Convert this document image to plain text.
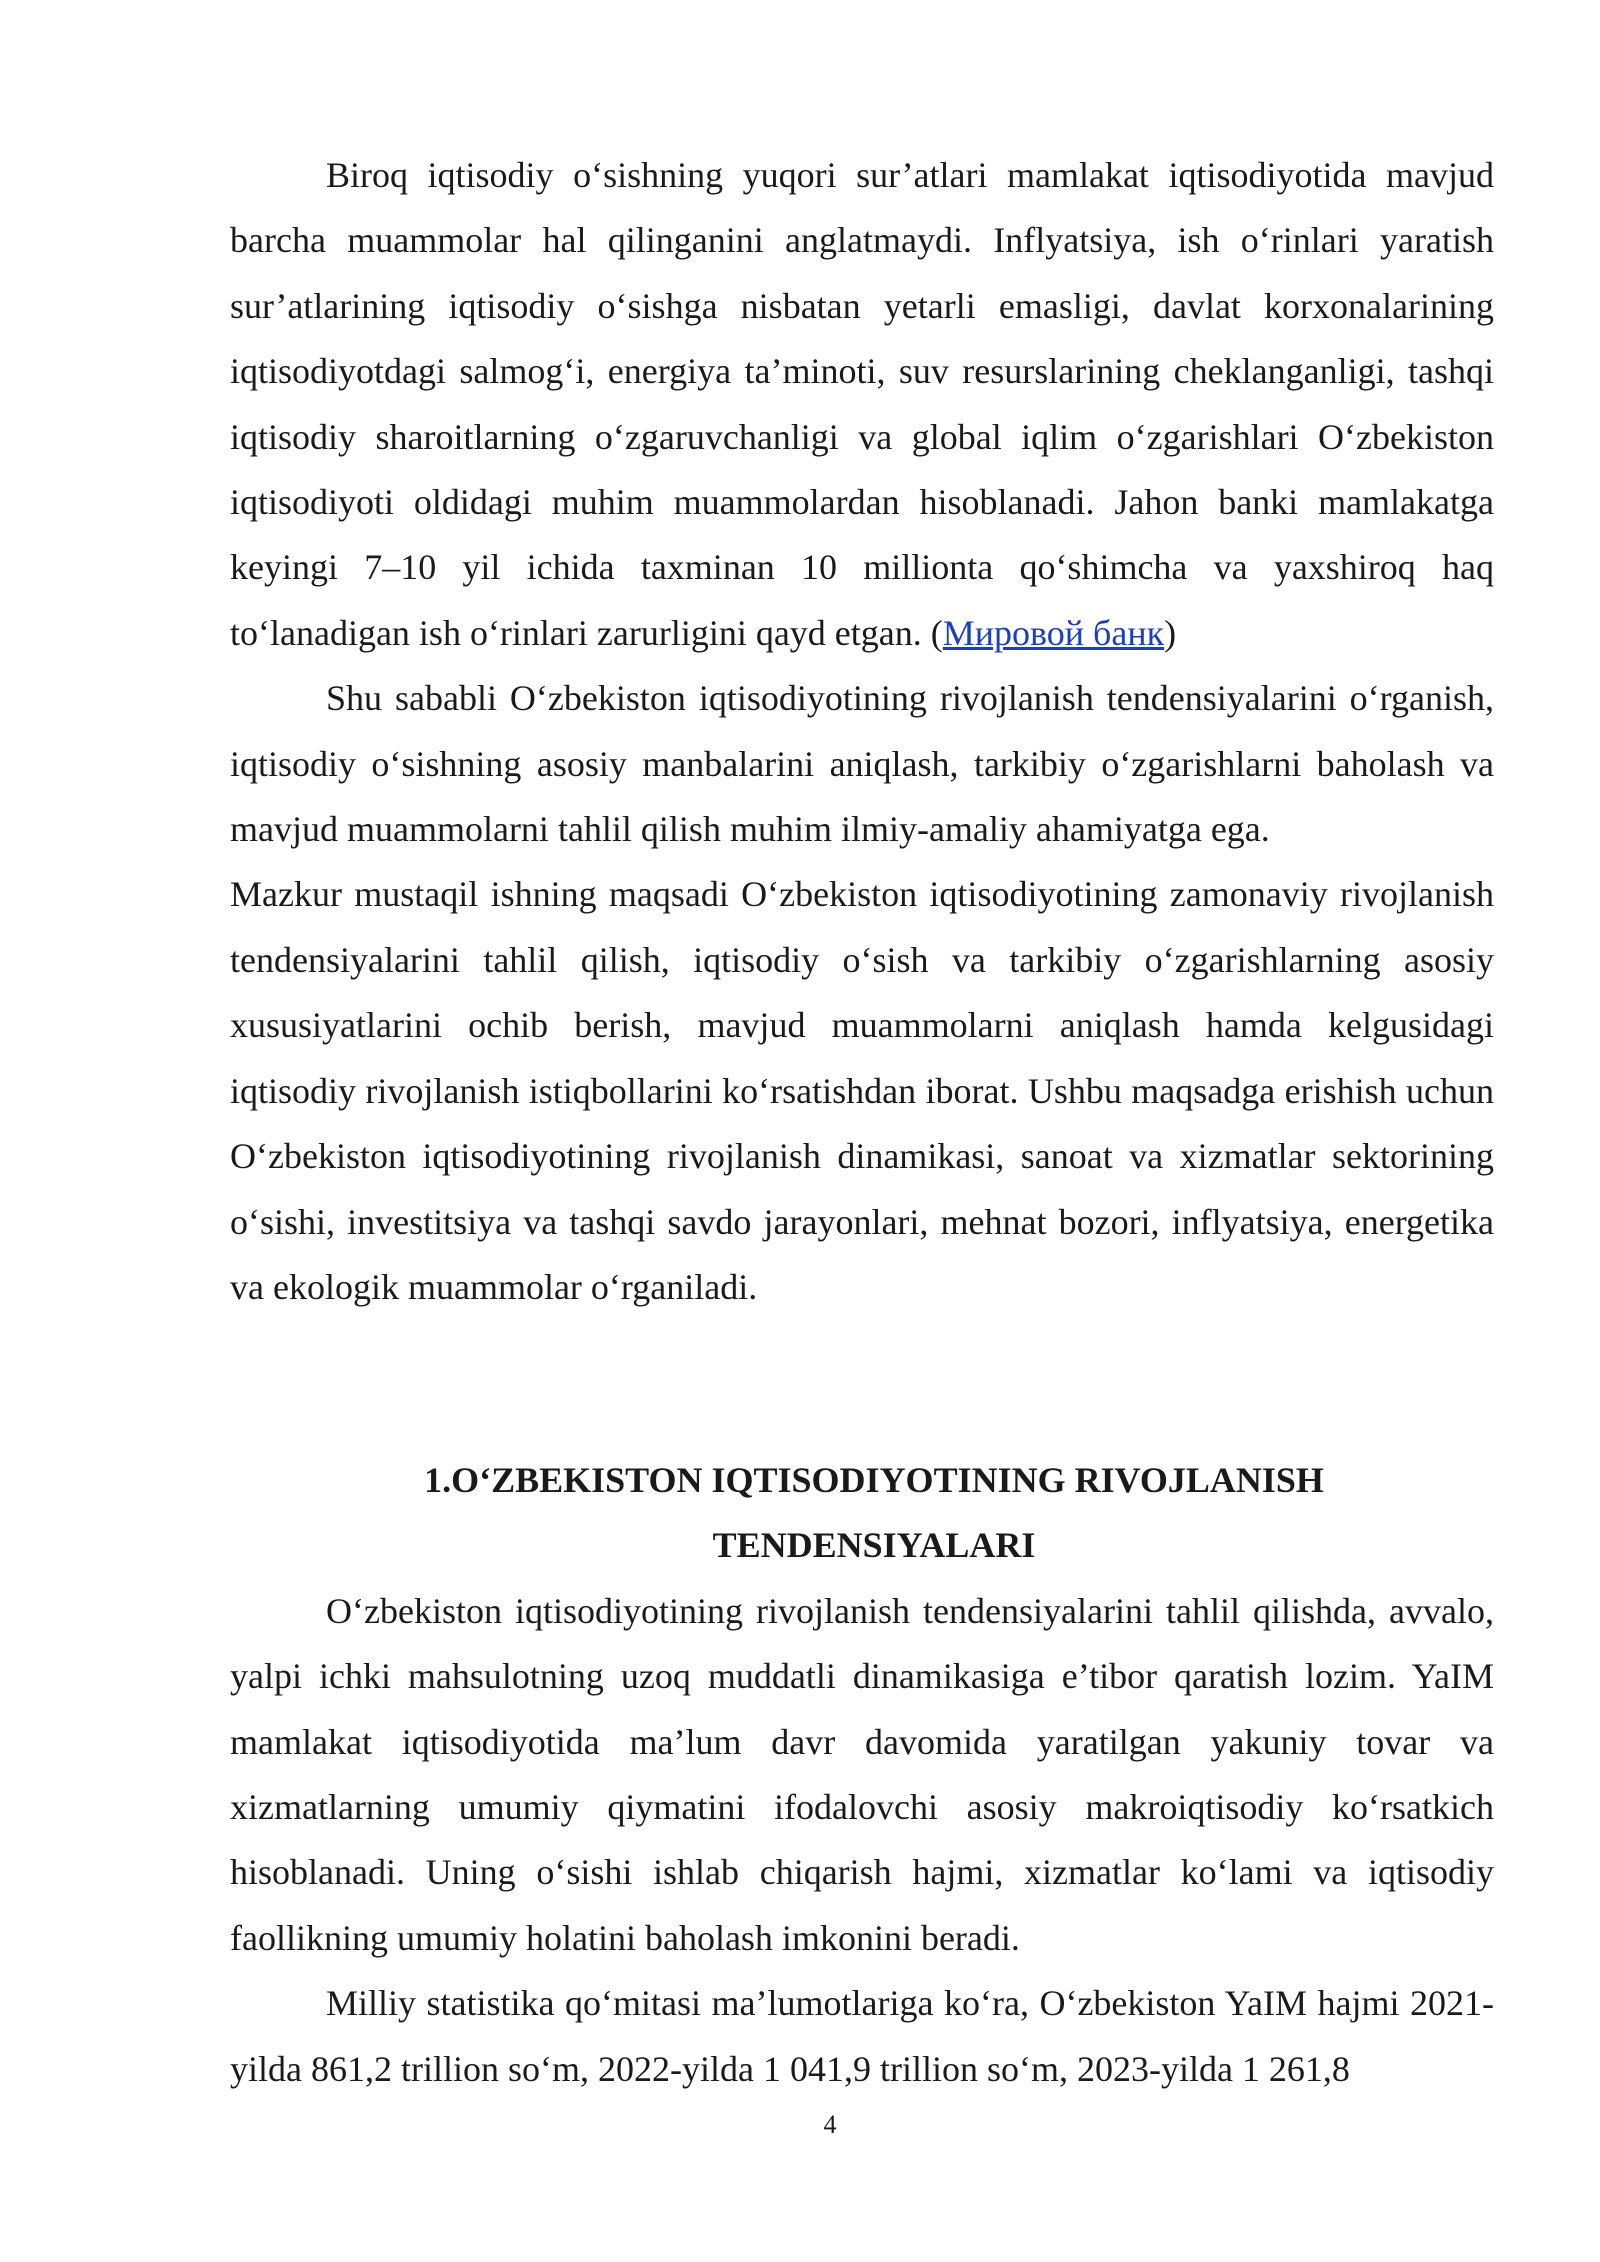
Biroq iqtisodiy o‘sishning yuqori sur’atlari mamlakat iqtisodiyotida mavjud barcha muammolar hal qilinganini anglatmaydi. Inflyatsiya, ish o‘rinlari yaratish sur’atlarining iqtisodiy o‘sishga nisbatan yetarli emasligi, davlat korxonalarining iqtisodiyotdagi salmog‘i, energiya ta’minoti, suv resurslarining cheklanganligi, tashqi iqtisodiy sharoitlarning o‘zgaruvchanligi va global iqlim o‘zgarishlari O‘zbekiston iqtisodiyoti oldidagi muhim muammolardan hisoblanadi. Jahon banki mamlakatga keyingi 7–10 yil ichida taxminan 10 millionta qo‘shimcha va yaxshiroq haq to‘lanadigan ish o‘rinlari zarurligini qayd etgan. (Мировой банк)

Shu sababli O‘zbekiston iqtisodiyotining rivojlanish tendensiyalarini o‘rganish, iqtisodiy o‘sishning asosiy manbalarini aniqlash, tarkibiy o‘zgarishlarni baholash va mavjud muammolarni tahlil qilish muhim ilmiy-amaliy ahamiyatga ega.

Mazkur mustaqil ishning maqsadi O‘zbekiston iqtisodiyotining zamonaviy rivojlanish tendensiyalarini tahlil qilish, iqtisodiy o‘sish va tarkibiy o‘zgarishlarning asosiy xususiyatlarini ochib berish, mavjud muammolarni aniqlash hamda kelgusidagi iqtisodiy rivojlanish istiqbollarini ko‘rsatishdan iborat. Ushbu maqsadga erishish uchun O‘zbekiston iqtisodiyotining rivojlanish dinamikasi, sanoat va xizmatlar sektorining o‘sishi, investitsiya va tashqi savdo jarayonlari, mehnat bozori, inflyatsiya, energetika va ekologik muammolar o‘rganiladi.

1.O‘ZBEKISTON IQTISODIYOTINING RIVOJLANISH

TENDENSIYALARI

O‘zbekiston iqtisodiyotining rivojlanish tendensiyalarini tahlil qilishda, avvalo, yalpi ichki mahsulotning uzoq muddatli dinamikasiga e’tibor qaratish lozim. YaIM mamlakat iqtisodiyotida ma’lum davr davomida yaratilgan yakuniy tovar va xizmatlarning umumiy qiymatini ifodalovchi asosiy makroiqtisodiy ko‘rsatkich hisoblanadi. Uning o‘sishi ishlab chiqarish hajmi, xizmatlar ko‘lami va iqtisodiy faollikning umumiy holatini baholash imkonini beradi.

Milliy statistika qo‘mitasi ma’lumotlariga ko‘ra, O‘zbekiston YaIM hajmi 2021-yilda 861,2 trillion so‘m, 2022-yilda 1 041,9 trillion so‘m, 2023-yilda 1 261,8

4
